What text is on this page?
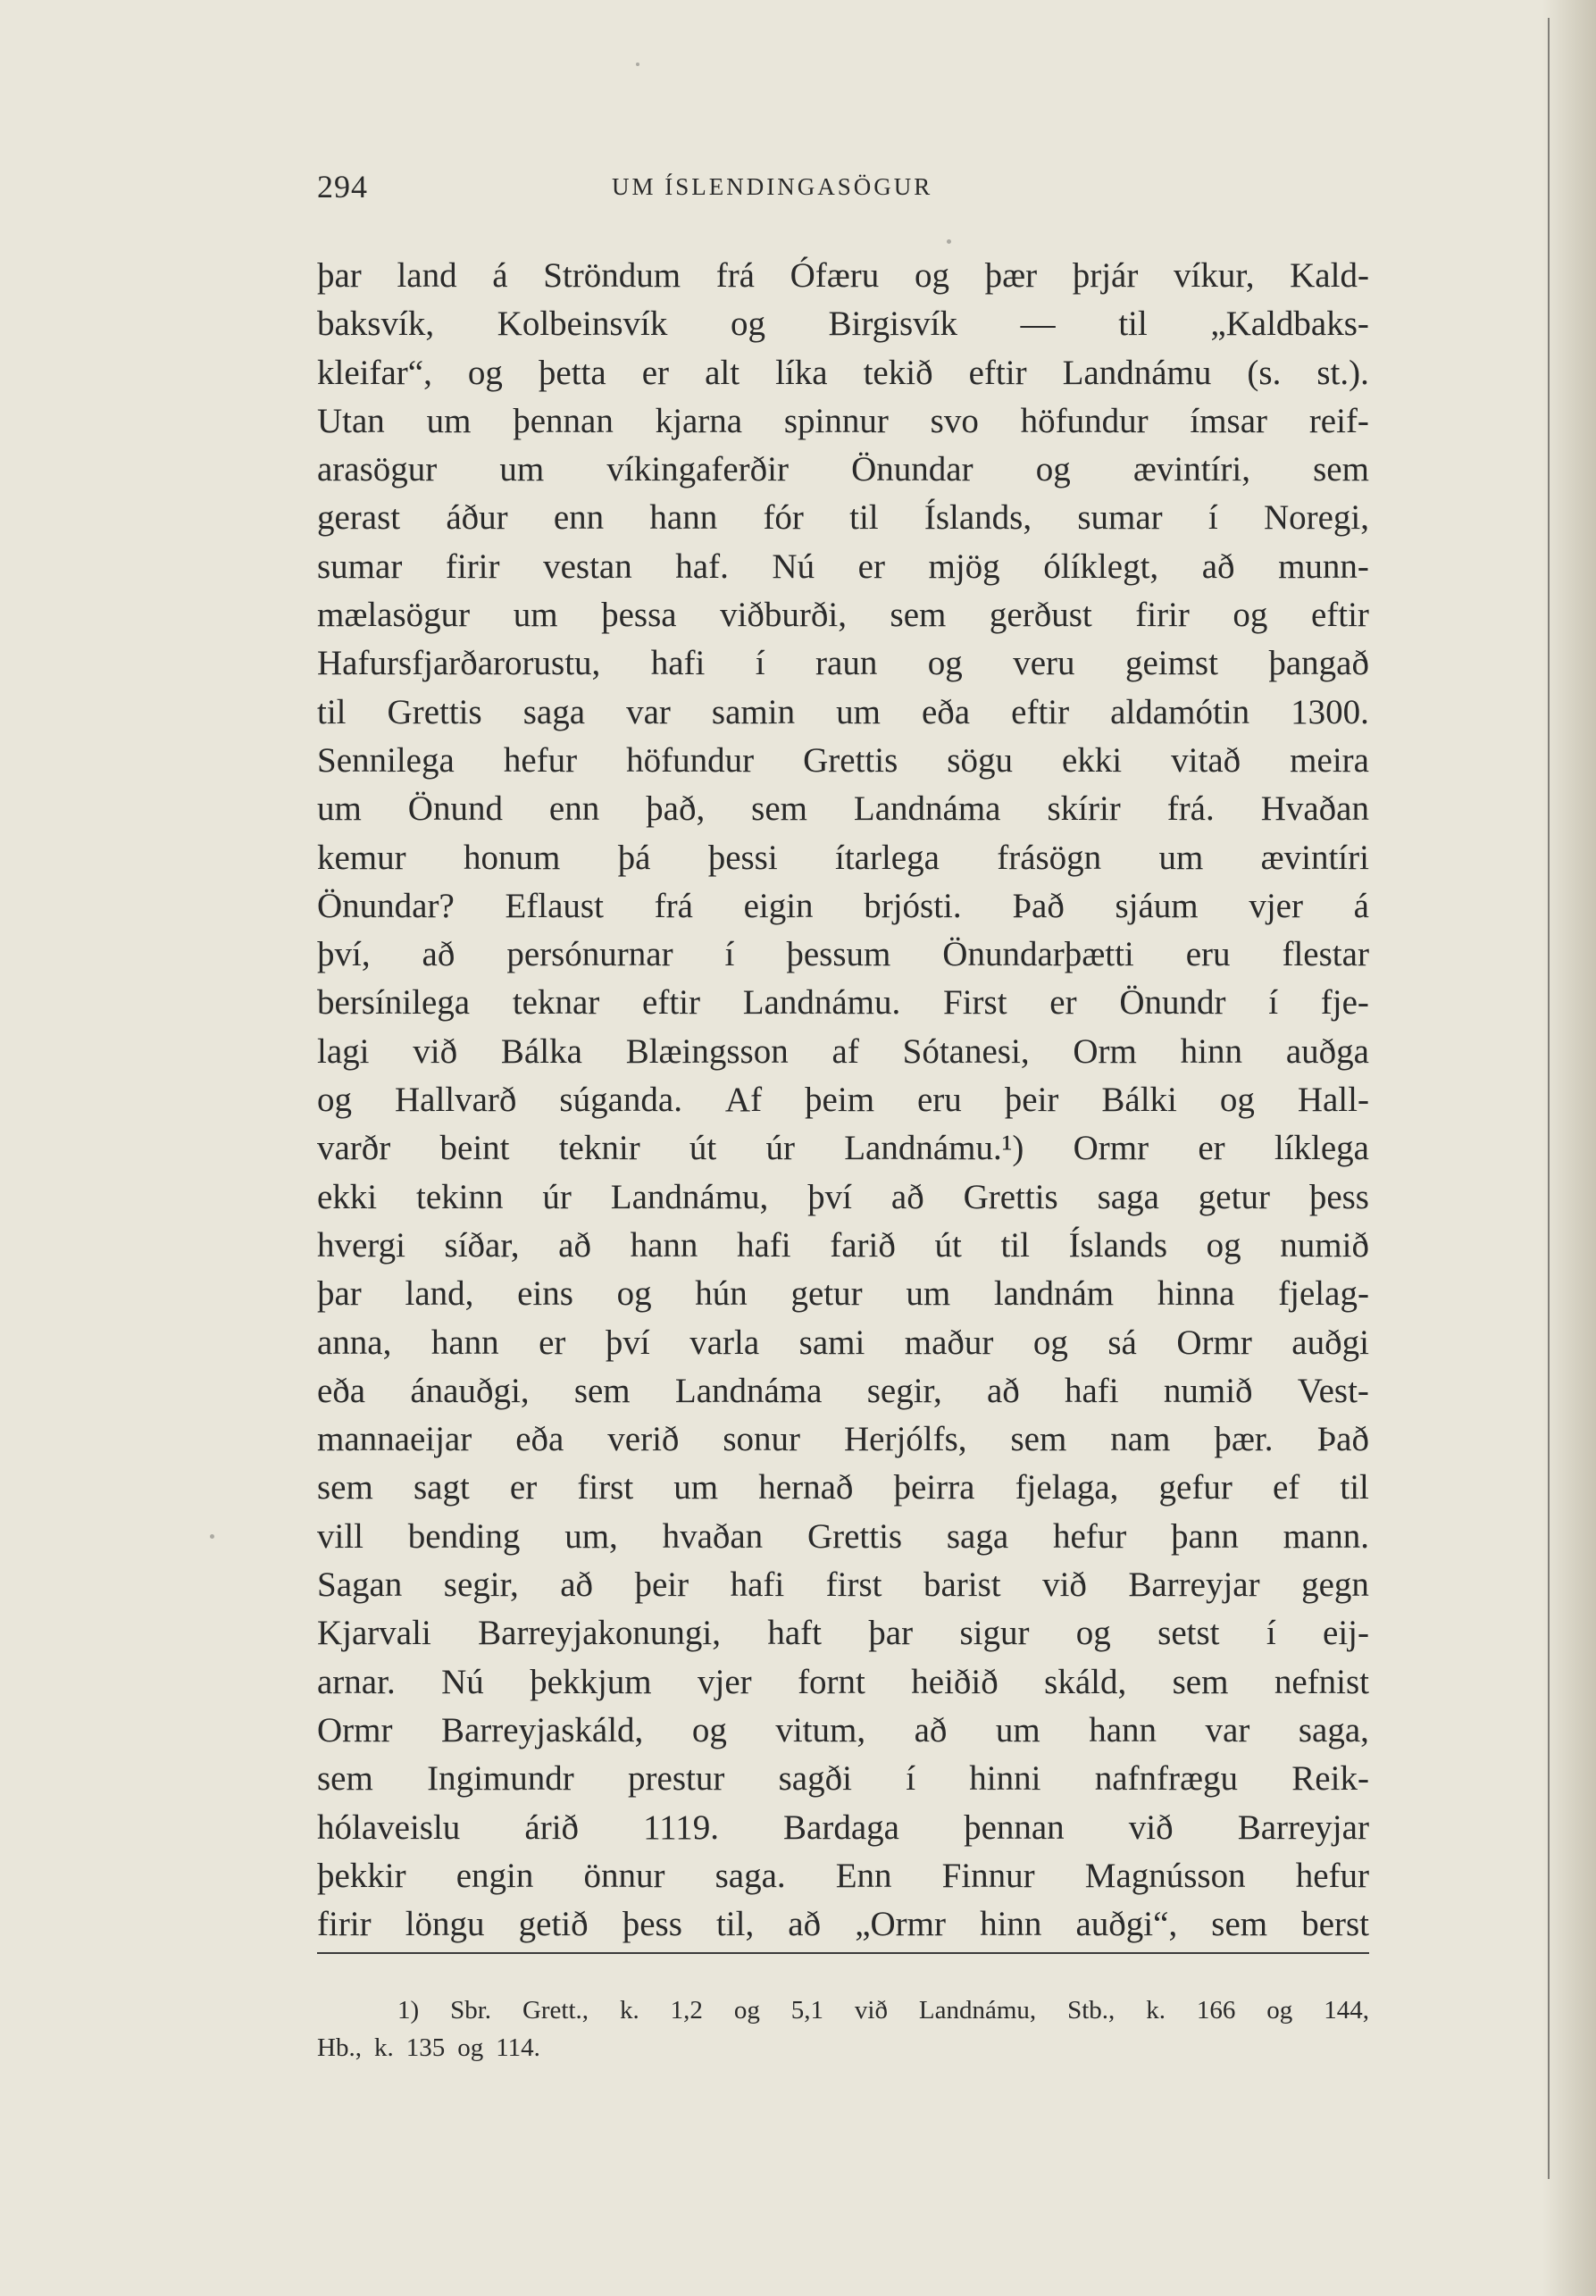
294	UM ÍSLENDINGASÖGUR
þar land á Ströndum frá Ófæru og þær þrjár víkur, Kald-
baksvík, Kolbeinsvík og Birgisvík — til „Kaldbaks-
kleifar“, og þetta er alt líka tekið eftir Landnámu (s. st.).
Utan um þennan kjarna spinnur svo höfundur ímsar reif-
arasögur um víkingaferðir Önundar og ævintíri, sem
gerast áður enn hann fór til Íslands, sumar í Noregi,
sumar firir vestan haf. Nú er mjög ólíklegt, að munn-
mælasögur um þessa viðburði, sem gerðust firir og eftir
Hafursfjarðarorustu, hafi í raun og veru geimst þangað
til Grettis saga var samin um eða eftir aldamótin 1300.
Sennilega hefur höfundur Grettis sögu ekki vitað meira
um Önund enn það, sem Landnáma skírir frá. Hvaðan
kemur honum þá þessi ítarlega frásögn um ævintíri
Önundar? Eflaust frá eigin brjósti. Það sjáum vjer á
því, að persónurnar í þessum Önundarþætti eru flestar
bersínilega teknar eftir Landnámu. First er Önundr í fje-
lagi við Bálka Blæingsson af Sótanesi, Orm hinn auðga
og Hallvarð súganda. Af þeim eru þeir Bálki og Hall-
varðr beint teknir út úr Landnámu.¹) Ormr er líklega
ekki tekinn úr Landnámu, því að Grettis saga getur þess
hvergi síðar, að hann hafi farið út til Íslands og numið
þar land, eins og hún getur um landnám hinna fjelag-
anna, hann er því varla sami maður og sá Ormr auðgi
eða ánauðgi, sem Landnáma segir, að hafi numið Vest-
mannaeijar eða verið sonur Herjólfs, sem nam þær. Það
sem sagt er first um hernað þeirra fjelaga, gefur ef til
vill bending um, hvaðan Grettis saga hefur þann mann.
Sagan segir, að þeir hafi first barist við Barreyjar gegn
Kjarvali Barreyjakonungi, haft þar sigur og setst í eij-
arnar. Nú þekkjum vjer fornt heiðið skáld, sem nefnist
Ormr Barreyjaskáld, og vitum, að um hann var saga,
sem Ingimundr prestur sagði í hinni nafnfrægu Reik-
hólaveislu árið 1119. Bardaga þennan við Barreyjar
þekkir engin önnur saga. Enn Finnur Magnússon hefur
firir löngu getið þess til, að „Ormr hinn auðgi“, sem berst
1) Sbr. Grett., k. 1,2 og 5,1 við Landnámu, Stb., k. 166 og 144,
Hb., k. 135 og 114.
